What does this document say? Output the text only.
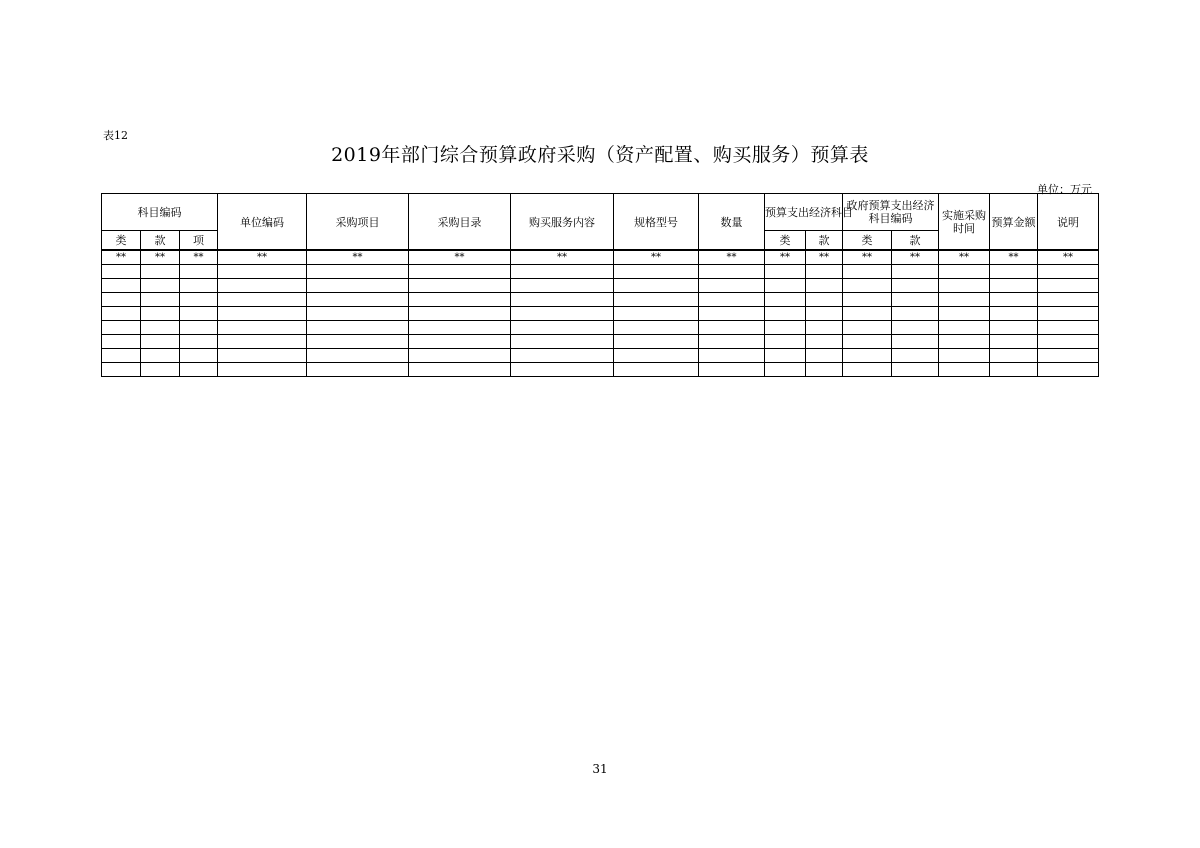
表12
2019年部门综合预算政府采购（资产配置、购买服务）预算表
单位：万元
科目编码			单位编码	采购项目	采购目录	购买服务内容	规格型号	数量	预算支出经济科目		政府预算支出经济科目编码		实施采购时间	预算金额	说明
类	款	项							类	款	类	款			
**	**	**	**	**	**	**	**	**	**	**	**	**	**	**	**

31
